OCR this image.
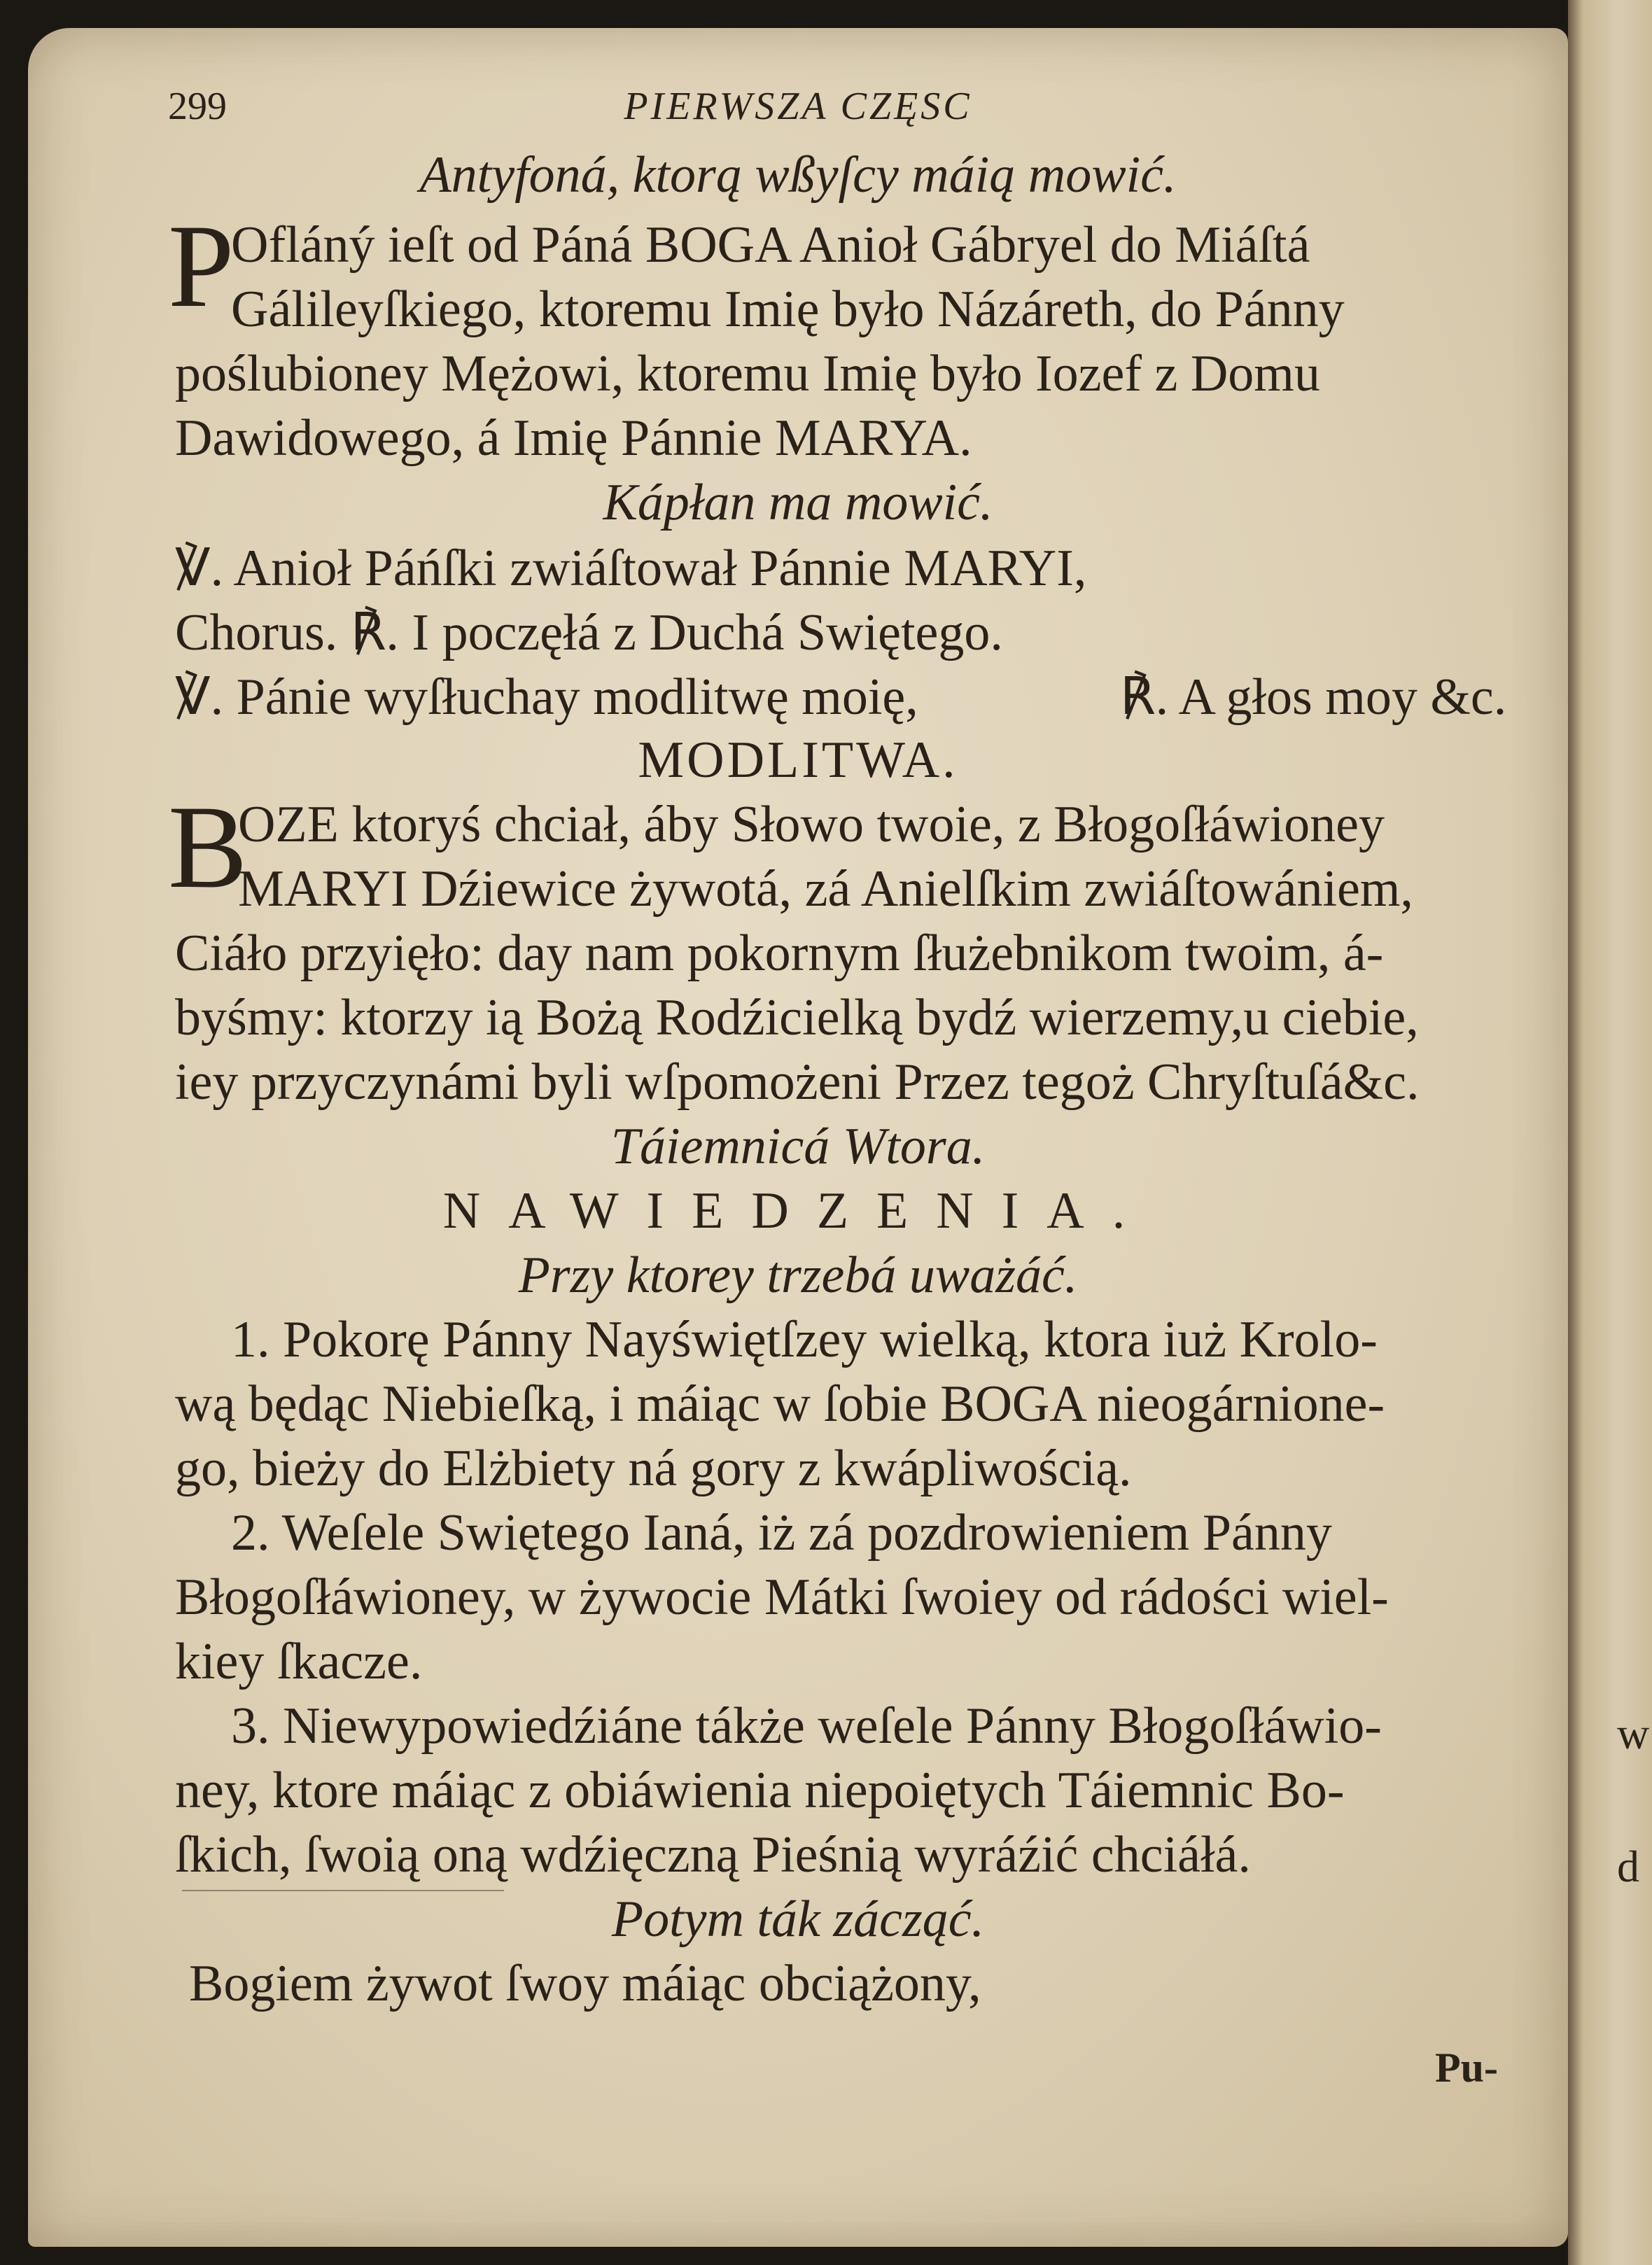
w
d
299	PIERWSZA CZĘSC
Antyfoná, ktorą wßyſcy máią mowić.
P
Ofláný ieſt od Páná BOGA Anioł Gábryel do Miáſtá
Gálileyſkiego, ktoremu Imię było Názáreth, do Pánny
poślubioney Mężowi, ktoremu Imię było Iozef z Domu
Dawidowego, á Imię Pánnie MARYA.
Kápłan ma mowić.
℣. Anioł Páńſki zwiáſtował Pánnie MARYI,
Chorus. ℟. I poczęłá z Duchá Swiętego.
℣. Pánie wyſłuchay modlitwę moię,	℟. A głos moy &c.
MODLITWA.
B
OZE ktoryś chciał, áby Słowo twoie, z Błogoſłáwioney
MARYI Dźiewice żywotá, zá Anielſkim zwiáſtowániem,
Ciáło przyięło: day nam pokornym ſłużebnikom twoim, á-
byśmy: ktorzy ią Bożą Rodźicielką bydź wierzemy,u ciebie,
iey przyczynámi byli wſpomożeni Przez tegoż Chryſtuſá&c.
Táiemnicá Wtora.
NAWIEDZENIA.
Przy ktorey trzebá uważáć.
1. Pokorę Pánny Nayświętſzey wielką, ktora iuż Krolo-
wą będąc Niebieſką, i máiąc w ſobie BOGA nieogárnione-
go, bieży do Elżbiety ná gory z kwápliwością.
2. Weſele Swiętego Ianá, iż zá pozdrowieniem Pánny
Błogoſłáwioney, w żywocie Mátki ſwoiey od rádości wiel-
kiey ſkacze.
3. Niewypowiedźiáne tákże weſele Pánny Błogoſłáwio-
ney, ktore máiąc z obiáwienia niepoiętych Táiemnic Bo-
ſkich, ſwoią oną wdźięczną Pieśnią wyráźić chciáłá.
Potym ták zácząć.
Bogiem żywot ſwoy máiąc obciążony,
Pu-
